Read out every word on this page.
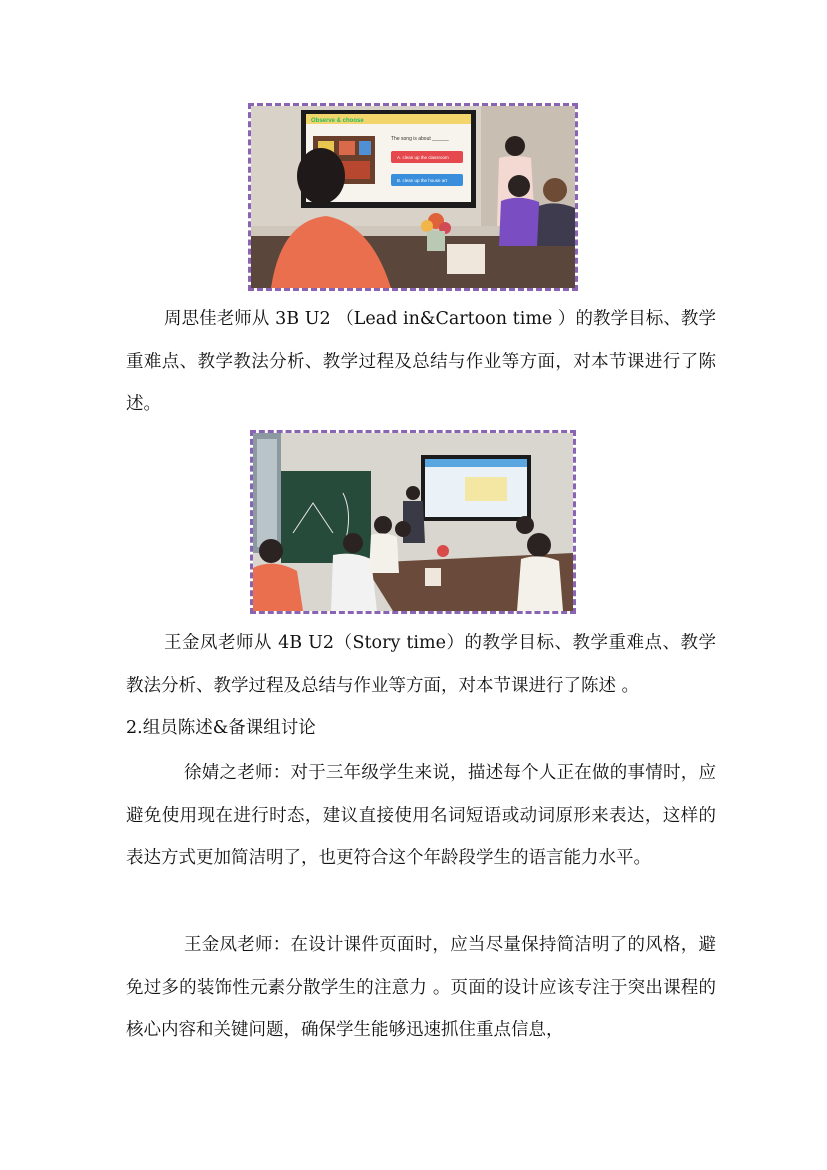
Observe & choose
The song is about ______
A. clean up the classroom
B. clean up the house art

周思佳老师从 3B U2 （Lead in&Cartoon time ）的教学目标、教学重难点、教学教法分析、教学过程及总结与作业等方面，对本节课进行了陈述。

王金凤老师从 4B U2（Story time）的教学目标、教学重难点、教学教法分析、教学过程及总结与作业等方面，对本节课进行了陈述 。

2.组员陈述&备课组讨论

徐婧之老师：对于三年级学生来说，描述每个人正在做的事情时，应避免使用现在进行时态，建议直接使用名词短语或动词原形来表达，这样的表达方式更加简洁明了，也更符合这个年龄段学生的语言能力水平。

王金凤老师：在设计课件页面时，应当尽量保持简洁明了的风格，避免过多的装饰性元素分散学生的注意力 。页面的设计应该专注于突出课程的核心内容和关键问题，确保学生能够迅速抓住重点信息，
